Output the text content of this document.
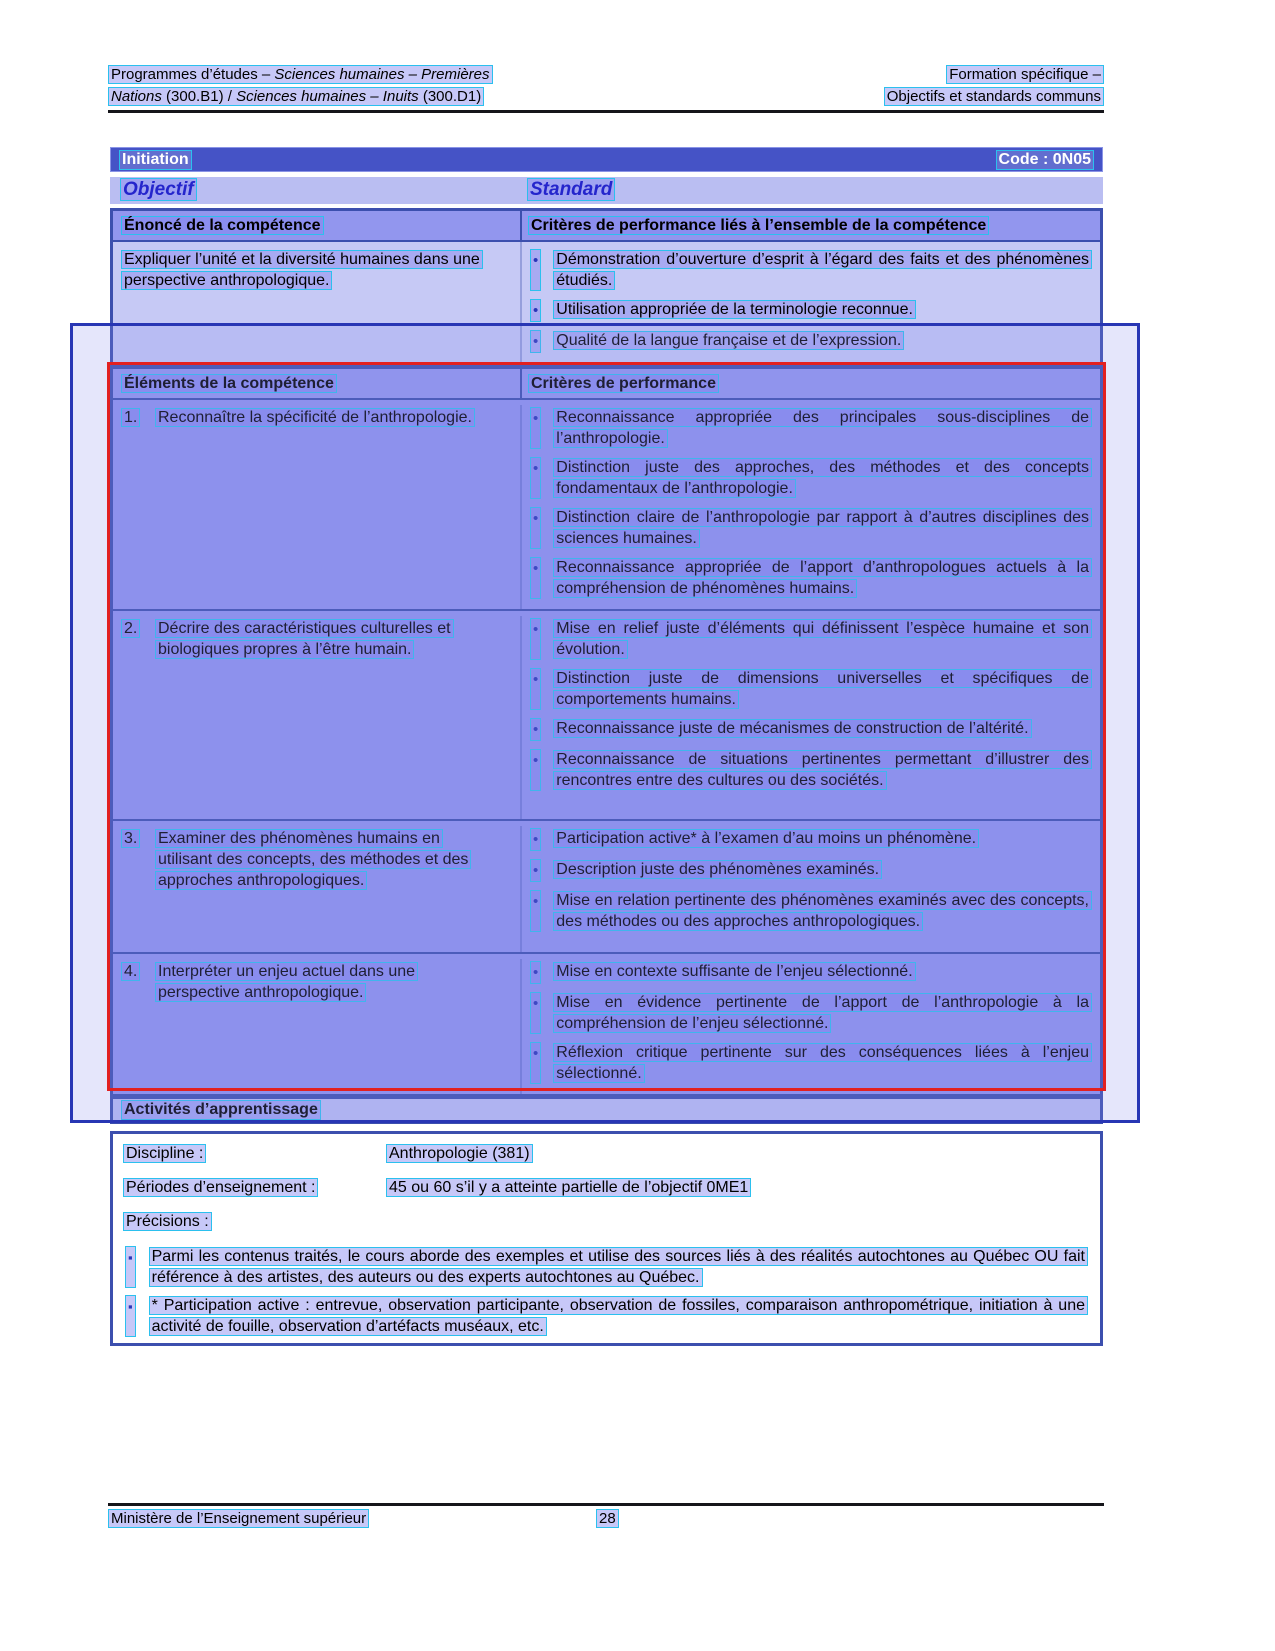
Programmes d’études – Sciences humaines – Premières
Nations (300.B1) / Sciences humaines – Inuits (300.D1)
Formation spécifique –
Objectifs et standards communs
Initiation	Code : 0N05
Objectif	Standard
Énoncé de la compétence	Critères de performance liés à l’ensemble de la compétence
Expliquer l’unité et la diversité humaines dans une perspective anthropologique.
• Démonstration d’ouverture d’esprit à l’égard des faits et des phénomènes étudiés.
• Utilisation appropriée de la terminologie reconnue.
• Qualité de la langue française et de l’expression.
Éléments de la compétence	Critères de performance
1.	Reconnaître la spécificité de l’anthropologie.	• Reconnaissance appropriée des principales sous-disciplines de l’anthropologie.
• Distinction juste des approches, des méthodes et des concepts fondamentaux de l’anthropologie.
• Distinction claire de l’anthropologie par rapport à d’autres disciplines des sciences humaines.
• Reconnaissance appropriée de l’apport d’anthropologues actuels à la compréhension de phénomènes humains.
2.	Décrire des caractéristiques culturelles et biologiques propres à l’être humain.
• Mise en relief juste d’éléments qui définissent l’espèce humaine et son évolution.
• Distinction juste de dimensions universelles et spécifiques de comportements humains.
• Reconnaissance juste de mécanismes de construction de l’altérité.
• Reconnaissance de situations pertinentes permettant d’illustrer des rencontres entre des cultures ou des sociétés.
3.	Examiner des phénomènes humains en utilisant des concepts, des méthodes et des approches anthropologiques.
• Participation active* à l’examen d’au moins un phénomène.
• Description juste des phénomènes examinés.
• Mise en relation pertinente des phénomènes examinés avec des concepts, des méthodes ou des approches anthropologiques.
4.	Interpréter un enjeu actuel dans une perspective anthropologique.
• Mise en contexte suffisante de l’enjeu sélectionné.
• Mise en évidence pertinente de l’apport de l’anthropologie à la compréhension de l’enjeu sélectionné.
• Réflexion critique pertinente sur des conséquences liées à l’enjeu sélectionné.
Activités d’apprentissage
Discipline :	Anthropologie (381)
Périodes d’enseignement :	45 ou 60 s’il y a atteinte partielle de l’objectif 0ME1
Précisions :
▪ Parmi les contenus traités, le cours aborde des exemples et utilise des sources liés à des réalités autochtones au Québec OU fait référence à des artistes, des auteurs ou des experts autochtones au Québec.
▪ * Participation active : entrevue, observation participante, observation de fossiles, comparaison anthropométrique, initiation à une activité de fouille, observation d’artéfacts muséaux, etc.
Ministère de l’Enseignement supérieur	28
